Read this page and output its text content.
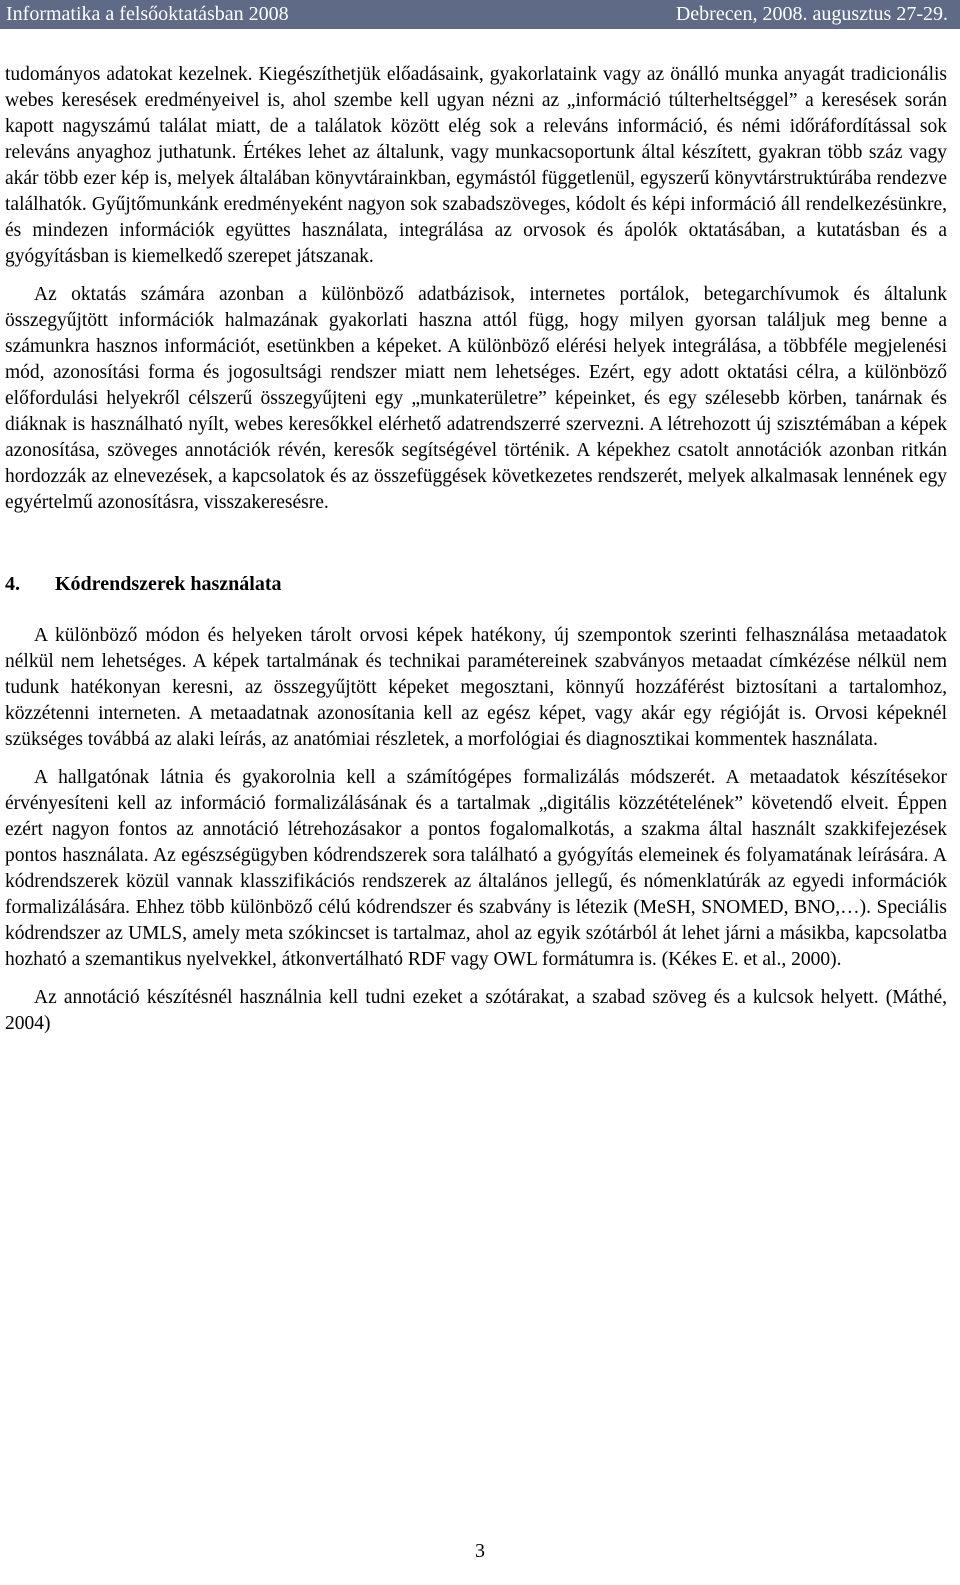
Informatika a felsőoktatásban 2008	Debrecen, 2008. augusztus 27-29.

tudományos adatokat kezelnek. Kiegészíthetjük előadásaink, gyakorlataink vagy az önálló munka anyagát tradicionális webes keresések eredményeivel is, ahol szembe kell ugyan nézni az „információ túlterheltséggel” a keresések során kapott nagyszámú találat miatt, de a találatok között elég sok a releváns információ, és némi időráfordítással sok releváns anyaghoz juthatunk. Értékes lehet az általunk, vagy munkacsoportunk által készített, gyakran több száz vagy akár több ezer kép is, melyek általában könyvtárainkban, egymástól függetlenül, egyszerű könyvtárstruktúrába rendezve találhatók. Gyűjtőmunkánk eredményeként nagyon sok szabadszöveges, kódolt és képi információ áll rendelkezésünkre, és mindezen információk együttes használata, integrálása az orvosok és ápolók oktatásában, a kutatásban és a gyógyításban is kiemelkedő szerepet játszanak.

Az oktatás számára azonban a különböző adatbázisok, internetes portálok, betegarchívumok és általunk összegyűjtött információk halmazának gyakorlati haszna attól függ, hogy milyen gyorsan találjuk meg benne a számunkra hasznos információt, esetünkben a képeket. A különböző elérési helyek integrálása, a többféle megjelenési mód, azonosítási forma és jogosultsági rendszer miatt nem lehetséges. Ezért, egy adott oktatási célra, a különböző előfordulási helyekről célszerű összegyűjteni egy „munkaterületre” képeinket, és egy szélesebb körben, tanárnak és diáknak is használható nyílt, webes keresőkkel elérhető adatrendszerré szervezni. A létrehozott új szisztémában a képek azonosítása, szöveges annotációk révén, keresők segítségével történik. A képekhez csatolt annotációk azonban ritkán hordozzák az elnevezések, a kapcsolatok és az összefüggések következetes rendszerét, melyek alkalmasak lennének egy egyértelmű azonosításra, visszakeresésre.

4. Kódrendszerek használata

A különböző módon és helyeken tárolt orvosi képek hatékony, új szempontok szerinti felhasználása metaadatok nélkül nem lehetséges. A képek tartalmának és technikai paramétereinek szabványos metaadat címkézése nélkül nem tudunk hatékonyan keresni, az összegyűjtött képeket megosztani, könnyű hozzáférést biztosítani a tartalomhoz, közzétenni interneten. A metaadatnak azonosítania kell az egész képet, vagy akár egy régióját is. Orvosi képeknél szükséges továbbá az alaki leírás, az anatómiai részletek, a morfológiai és diagnosztikai kommentek használata.

A hallgatónak látnia és gyakorolnia kell a számítógépes formalizálás módszerét. A metaadatok készítésekor érvényesíteni kell az információ formalizálásának és a tartalmak „digitális közzétételének” követendő elveit. Éppen ezért nagyon fontos az annotáció létrehozásakor a pontos fogalomalkotás, a szakma által használt szakkifejezések pontos használata. Az egészségügyben kódrendszerek sora található a gyógyítás elemeinek és folyamatának leírására. A kódrendszerek közül vannak klasszifikációs rendszerek az általános jellegű, és nómenklatúrák az egyedi információk formalizálására. Ehhez több különböző célú kódrendszer és szabvány is létezik (MeSH, SNOMED, BNO,…). Speciális kódrendszer az UMLS, amely meta szókincset is tartalmaz, ahol az egyik szótárból át lehet járni a másikba, kapcsolatba hozható a szemantikus nyelvekkel, átkonvertálható RDF vagy OWL formátumra is. (Kékes E. et al., 2000).

Az annotáció készítésnél használnia kell tudni ezeket a szótárakat, a szabad szöveg és a kulcsok helyett. (Máthé, 2004)

3
